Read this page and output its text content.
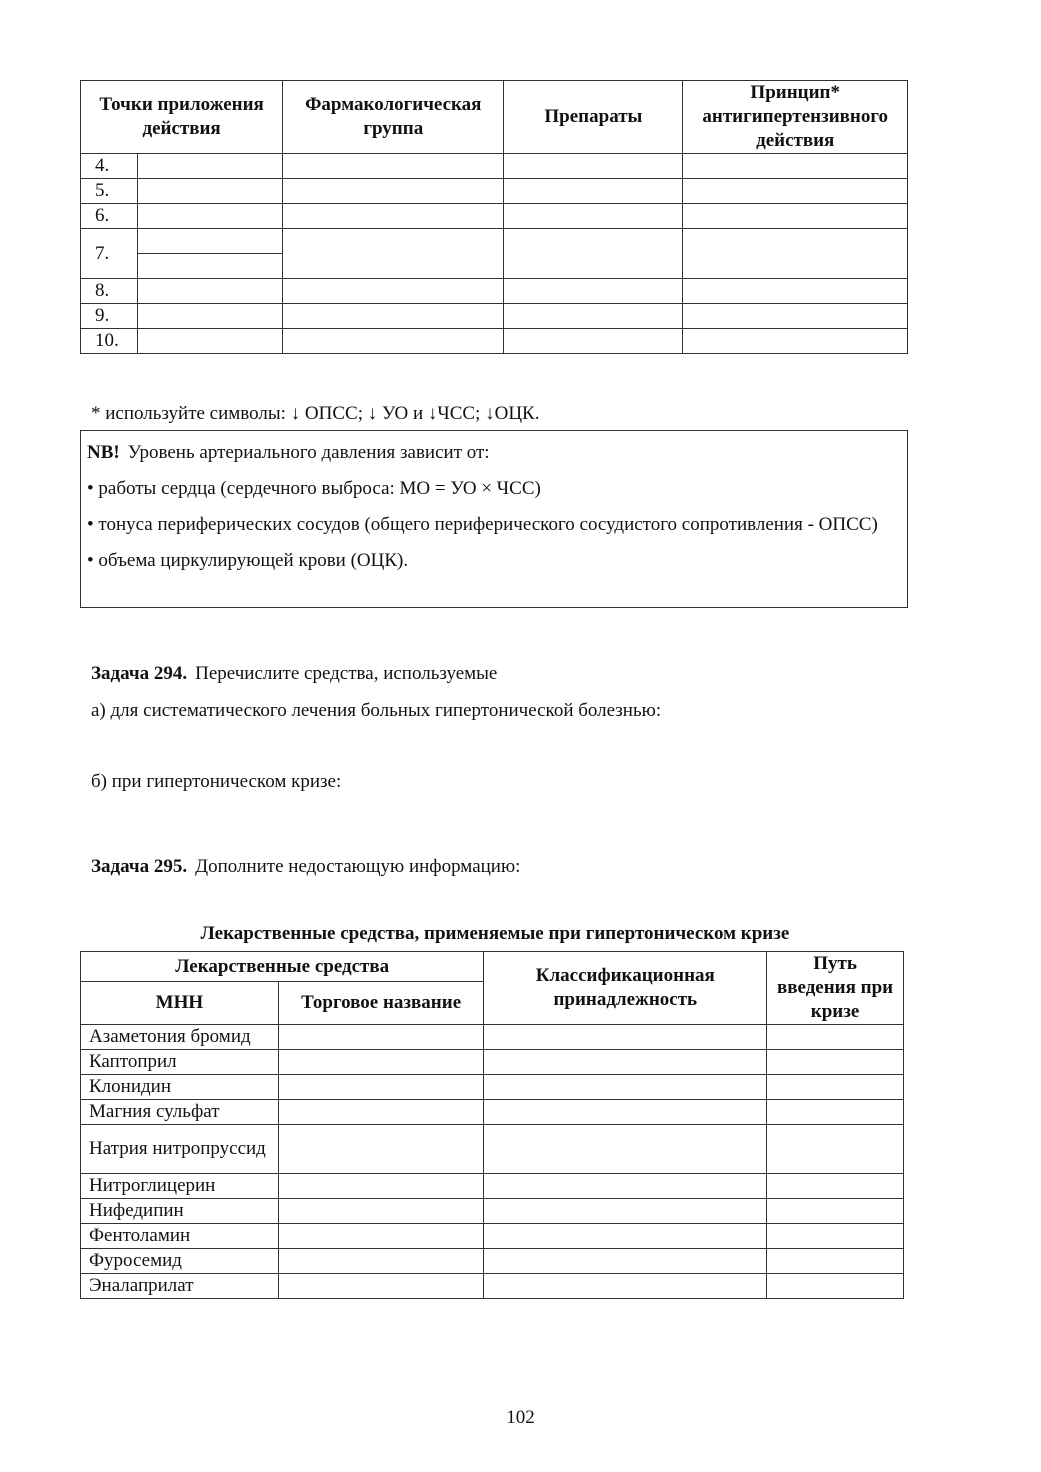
Точки приложения действия		Фармакологическая группа	Препараты	Принцип* антигипертензивного действия
4.				
5.				
6.				
7.	

8.				
9.				
10.				

* используйте символы: ↓ ОПСС; ↓ УО и ↓ЧСС; ↓ОЦК.

NB! Уровень артериального давления зависит от:

• работы сердца (сердечного выброса: МО = УО × ЧСС)

• тонуса периферических сосудов (общего периферического сосудистого сопротивления - ОПСС)

• объема циркулирующей крови (ОЦК).

Задача 294. Перечислите средства, используемые

а) для систематического лечения больных гипертонической болезнью:

б) при гипертоническом кризе:

Задача 295. Дополните недостающую информацию:

Лекарственные средства, применяемые при гипертоническом кризе

Лекарственные средства		Классификационная принадлежность	Путь введения при кризе
МНН	Торговое название		
Азаметония бромид			
Каптоприл			
Клонидин			
Магния сульфат			
Натрия нитропруссид			
Нитроглицерин			
Нифедипин			
Фентоламин			
Фуросемид			
Эналаприлат			

102
